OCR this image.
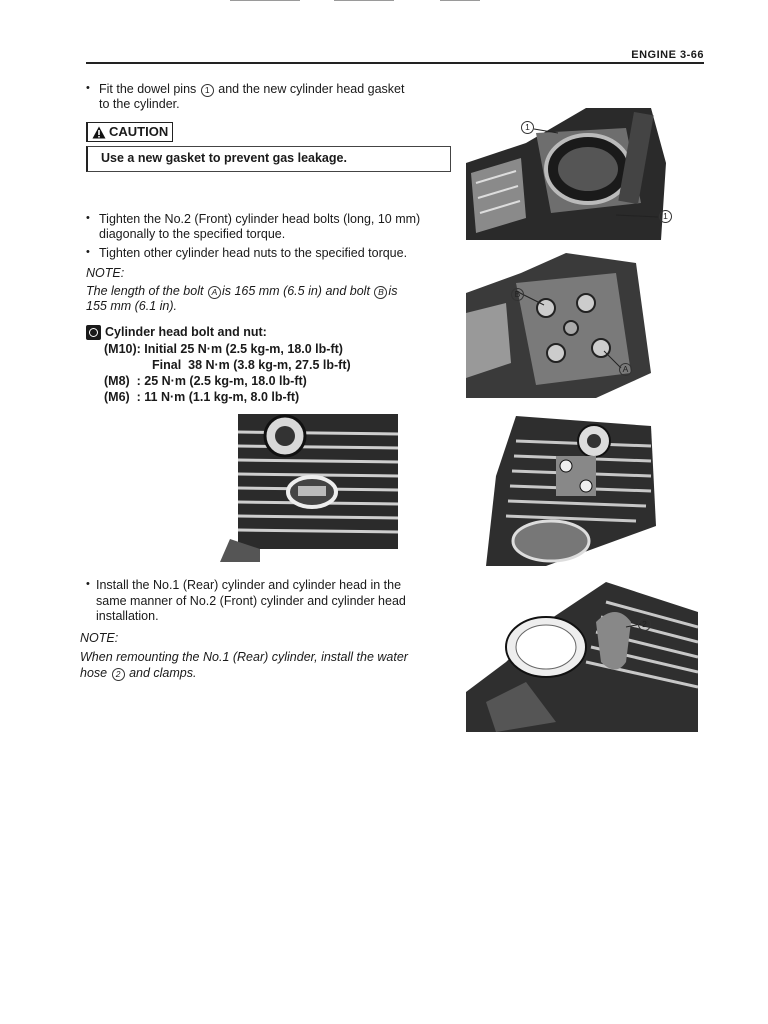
ENGINE 3-66
• Fit the dowel pins 1 and the new cylinder head gasket
to the cylinder.
CAUTION
Use a new gasket to prevent gas leakage.
• Tighten the No.2 (Front) cylinder head bolts (long, 10 mm)
diagonally to the specified torque.
• Tighten other cylinder head nuts to the specified torque.
NOTE:
The length of the bolt A is 165 mm (6.5 in) and bolt B is
155 mm (6.1 in).
Cylinder head bolt and nut:
(M10): Initial 25 N·m (2.5 kg-m, 18.0 lb-ft)
Final  38 N·m (3.8 kg-m, 27.5 lb-ft)
(M8)  : 25 N·m (2.5 kg-m, 18.0 lb-ft)
(M6)  : 11 N·m (1.1 kg-m, 8.0 lb-ft)
• Install the No.1 (Rear) cylinder and cylinder head in the
same manner of No.2 (Front) cylinder and cylinder head
installation.
NOTE:
When remounting the No.1 (Rear) cylinder, install the water
hose 2 and clamps.
1
1
B
A
2
